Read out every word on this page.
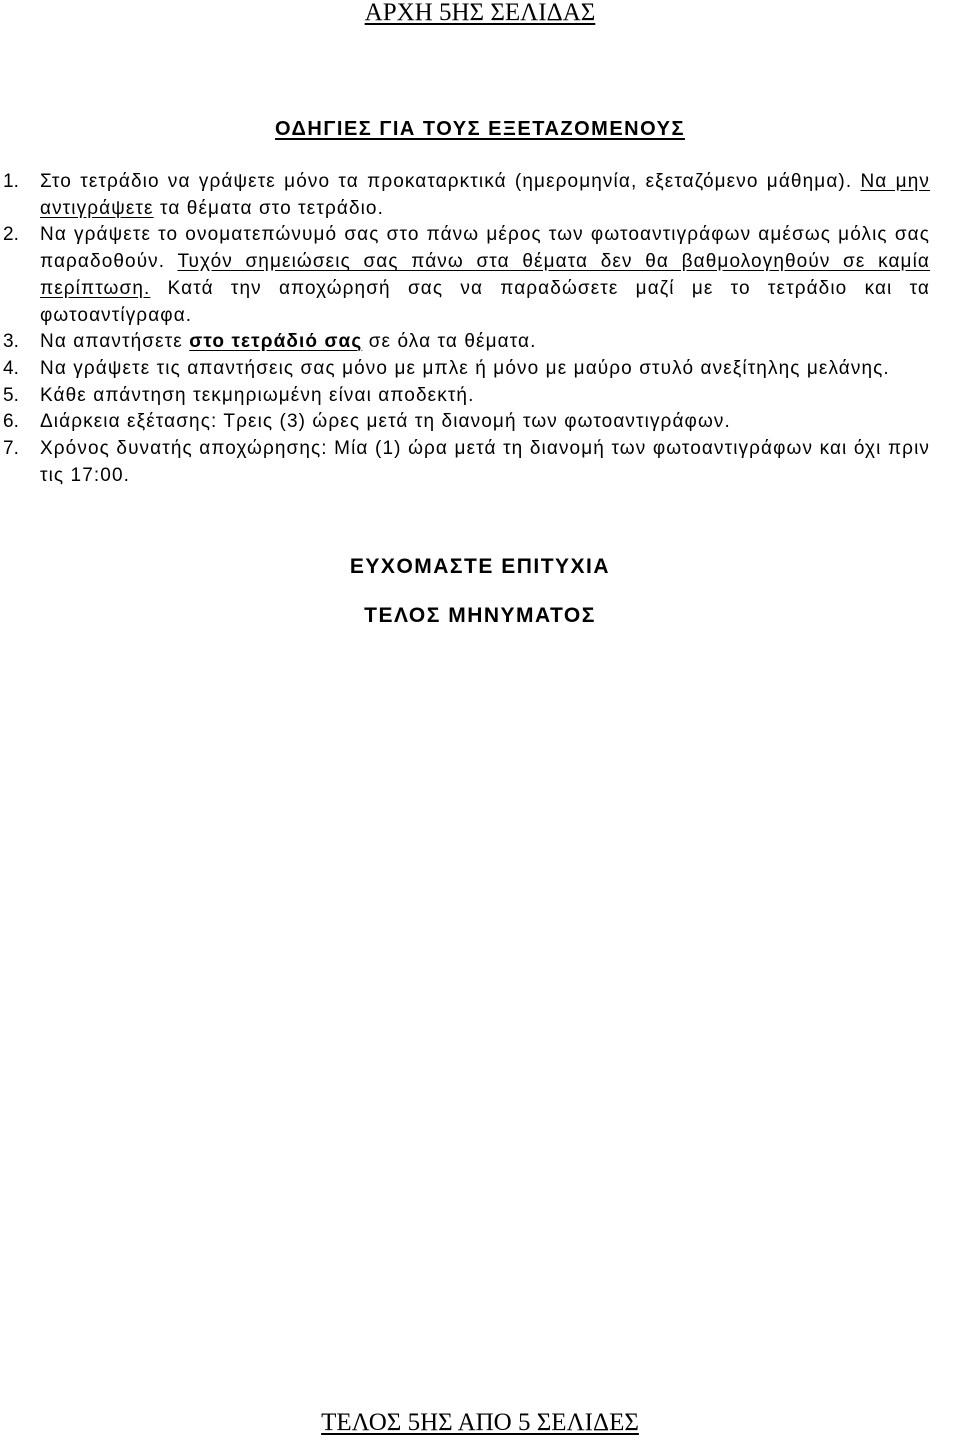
ΑΡΧΗ 5ΗΣ ΣΕΛΙΔΑΣ
ΟΔΗΓΙΕΣ ΓΙΑ ΤΟΥΣ ΕΞΕΤΑΖΟΜΕΝΟΥΣ
1. Στο τετράδιο να γράψετε μόνο τα προκαταρκτικά (ημερομηνία, εξεταζόμενο μάθημα). Να μην αντιγράψετε τα θέματα στο τετράδιο.
2. Να γράψετε το ονοματεπώνυμό σας στο πάνω μέρος των φωτοαντιγράφων αμέσως μόλις σας παραδοθούν. Τυχόν σημειώσεις σας πάνω στα θέματα δεν θα βαθμολογηθούν σε καμία περίπτωση. Κατά την αποχώρησή σας να παραδώσετε μαζί με το τετράδιο και τα φωτοαντίγραφα.
3. Να απαντήσετε στο τετράδιό σας σε όλα τα θέματα.
4. Να γράψετε τις απαντήσεις σας μόνο με μπλε ή μόνο με μαύρο στυλό ανεξίτηλης μελάνης.
5. Κάθε απάντηση τεκμηριωμένη είναι αποδεκτή.
6. Διάρκεια εξέτασης: Τρεις (3) ώρες μετά τη διανομή των φωτοαντιγράφων.
7. Χρόνος δυνατής αποχώρησης: Μία (1) ώρα μετά τη διανομή των φωτοαντιγράφων και όχι πριν τις 17:00.
ΕΥΧΟΜΑΣΤΕ ΕΠΙΤΥΧΙΑ
ΤΕΛΟΣ ΜΗΝΥΜΑΤΟΣ
ΤΕΛΟΣ 5ΗΣ ΑΠΟ 5 ΣΕΛΙΔΕΣ
